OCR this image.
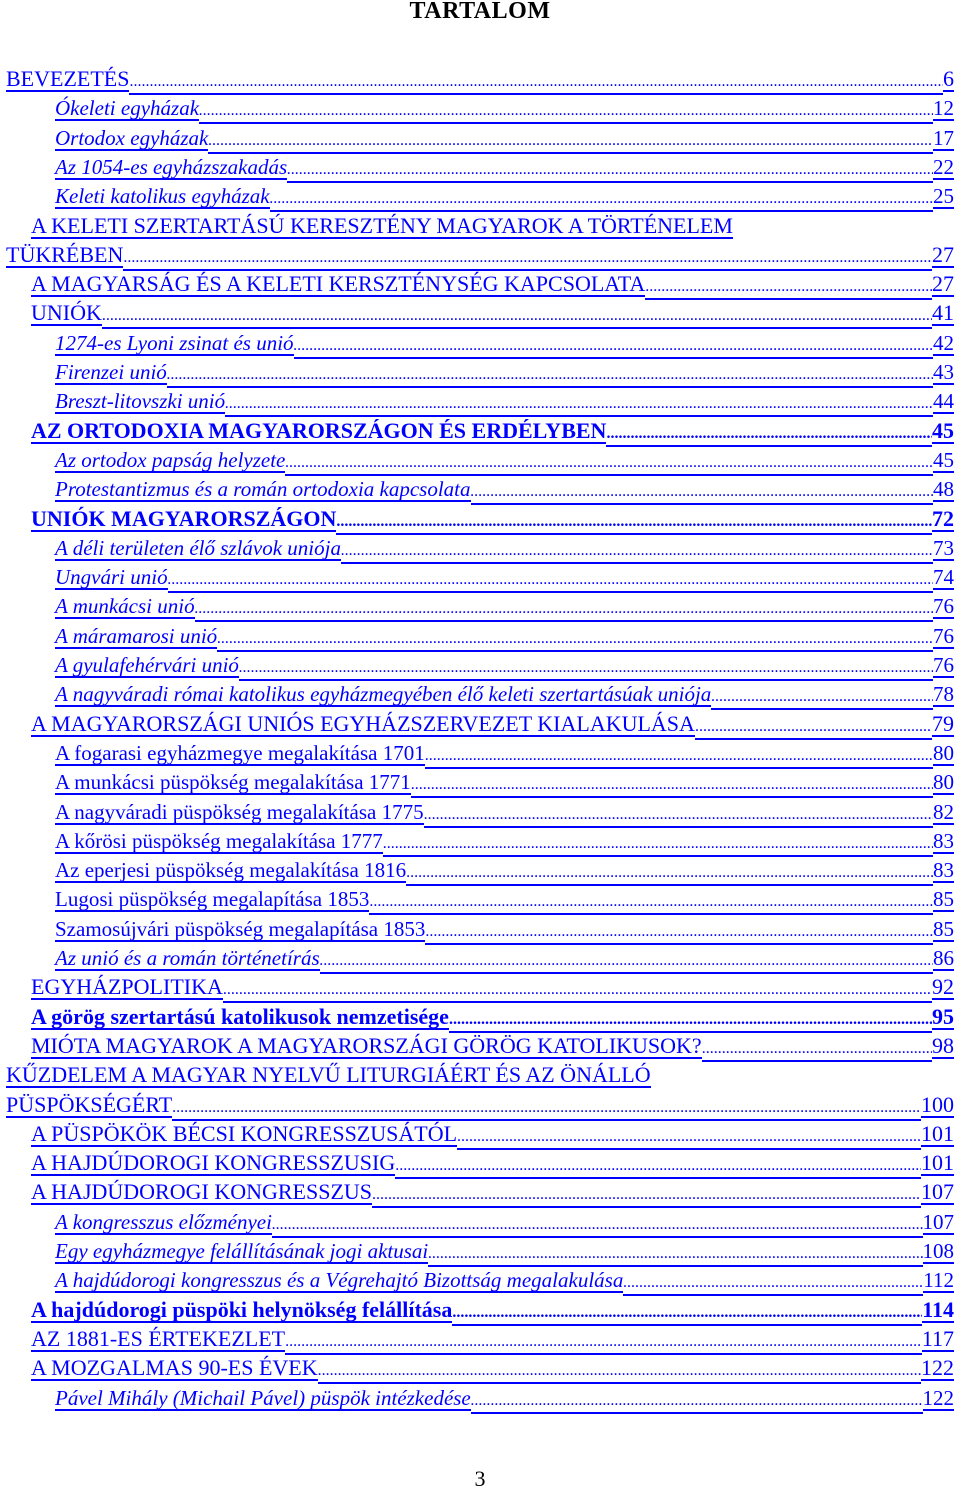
TARTALOM
BEVEZETÉS .....	6
Ókeleti egyházak .....	12
Ortodox egyházak .....	17
Az 1054-es egyházszakadás .....	22
Keleti katolikus egyházak .....	25
A KELETI SZERTARTÁSÚ KERESZTÉNY MAGYAROK A TÖRTÉNELEM
TÜKRÉBEN .....	27
A MAGYARSÁG ÉS A KELETI KERSZTÉNYSÉG KAPCSOLATA .....	27
UNIÓK .....	41
1274-es Lyoni zsinat és unió .....	42
Firenzei unió .....	43
Breszt-litovszki unió .....	44
AZ ORTODOXIA MAGYARORSZÁGON ÉS ERDÉLYBEN .....	45
Az ortodox papság helyzete .....	45
Protestantizmus és a román ortodoxia kapcsolata .....	48
UNIÓK MAGYARORSZÁGON .....	72
A déli területen élő szlávok uniója .....	73
Ungvári unió .....	74
A munkácsi unió .....	76
A máramarosi unió .....	76
A gyulafehérvári unió .....	76
A nagyváradi római katolikus egyházmegyében élő keleti szertartásúak uniója .....	78
A MAGYARORSZÁGI UNIÓS EGYHÁZSZERVEZET KIALAKULÁSA .....	79
A fogarasi egyházmegye megalakítása 1701 .....	80
A munkácsi püspökség megalakítása 1771 .....	80
A nagyváradi püspökség megalakítása 1775 .....	82
A kőrösi püspökség megalakítása 1777 .....	83
Az eperjesi püspökség megalakítása 1816 .....	83
Lugosi püspökség megalapítása 1853 .....	85
Szamosújvári püspökség megalapítása 1853 .....	85
Az unió és a román történetírás .....	86
EGYHÁZPOLITIKA .....	92
A görög szertartású katolikusok nemzetisége .....	95
MIÓTA MAGYAROK A MAGYARORSZÁGI GÖRÖG KATOLIKUSOK? .....	98
KŰZDELEM A MAGYAR NYELVŰ LITURGIÁÉRT ÉS AZ ÖNÁLLÓ
PÜSPÖKSÉGÉRT .....	100
A PÜSPÖKÖK BÉCSI KONGRESSZUSÁTÓL .....	101
A HAJDÚDOROGI KONGRESSZUSIG .....	101
A HAJDÚDOROGI KONGRESSZUS .....	107
A kongresszus előzményei .....	107
Egy egyházmegye felállításának jogi aktusai .....	108
A hajdúdorogi kongresszus és a Végrehajtó Bizottság megalakulása .....	112
A hajdúdorogi püspöki helynökség felállítása .....	114
AZ 1881-ES ÉRTEKEZLET .....	117
A MOZGALMAS 90-ES ÉVEK .....	122
Pável Mihály (Michail Pável) püspök intézkedése .....	122
3
